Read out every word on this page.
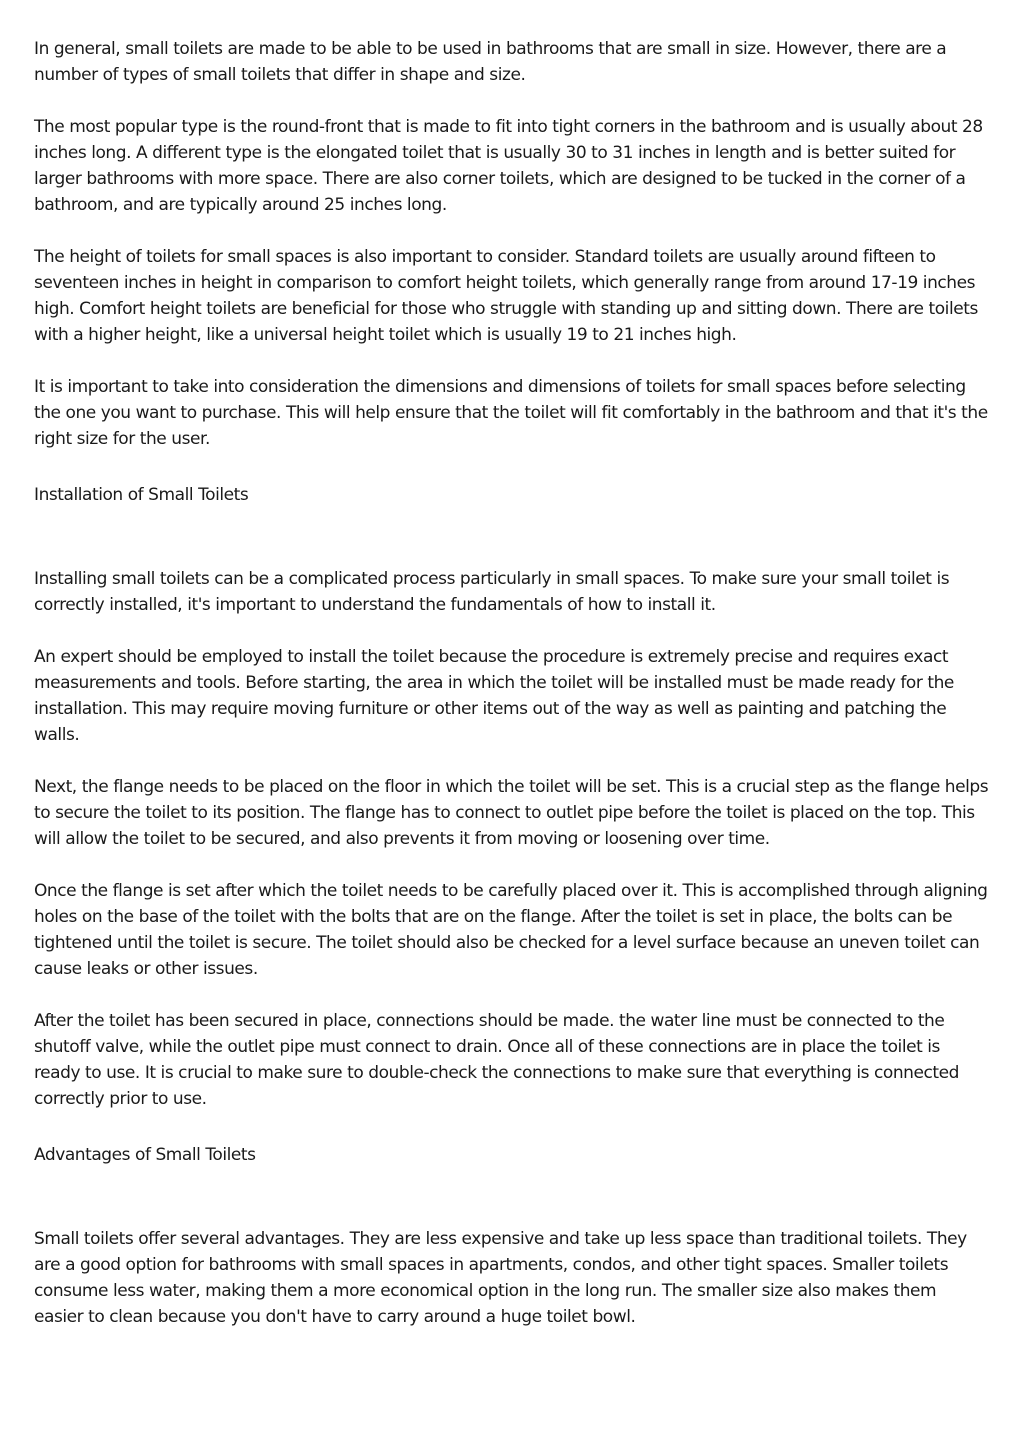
In general, small toilets are made to be able to be used in bathrooms that are small in size. However, there are a number of types of small toilets that differ in shape and size.

The most popular type is the round-front that is made to fit into tight corners in the bathroom and is usually about 28 inches long. A different type is the elongated toilet that is usually 30 to 31 inches in length and is better suited for larger bathrooms with more space. There are also corner toilets, which are designed to be tucked in the corner of a bathroom, and are typically around 25 inches long.

The height of toilets for small spaces is also important to consider. Standard toilets are usually around fifteen to seventeen inches in height in comparison to comfort height toilets, which generally range from around 17-19 inches high. Comfort height toilets are beneficial for those who struggle with standing up and sitting down. There are toilets with a higher height, like a universal height toilet which is usually 19 to 21 inches high.

It is important to take into consideration the dimensions and dimensions of toilets for small spaces before selecting the one you want to purchase. This will help ensure that the toilet will fit comfortably in the bathroom and that it's the right size for the user.

Installation of Small Toilets

Installing small toilets can be a complicated process particularly in small spaces. To make sure your small toilet is correctly installed, it's important to understand the fundamentals of how to install it.

An expert should be employed to install the toilet because the procedure is extremely precise and requires exact measurements and tools. Before starting, the area in which the toilet will be installed must be made ready for the installation. This may require moving furniture or other items out of the way as well as painting and patching the walls.

Next, the flange needs to be placed on the floor in which the toilet will be set. This is a crucial step as the flange helps to secure the toilet to its position. The flange has to connect to outlet pipe before the toilet is placed on the top. This will allow the toilet to be secured, and also prevents it from moving or loosening over time.

Once the flange is set after which the toilet needs to be carefully placed over it. This is accomplished through aligning holes on the base of the toilet with the bolts that are on the flange. After the toilet is set in place, the bolts can be tightened until the toilet is secure. The toilet should also be checked for a level surface because an uneven toilet can cause leaks or other issues.

After the toilet has been secured in place, connections should be made. the water line must be connected to the shutoff valve, while the outlet pipe must connect to drain. Once all of these connections are in place the toilet is ready to use. It is crucial to make sure to double-check the connections to make sure that everything is connected correctly prior to use.

Advantages of Small Toilets

Small toilets offer several advantages. They are less expensive and take up less space than traditional toilets. They are a good option for bathrooms with small spaces in apartments, condos, and other tight spaces. Smaller toilets consume less water, making them a more economical option in the long run. The smaller size also makes them easier to clean because you don't have to carry around a huge toilet bowl.
